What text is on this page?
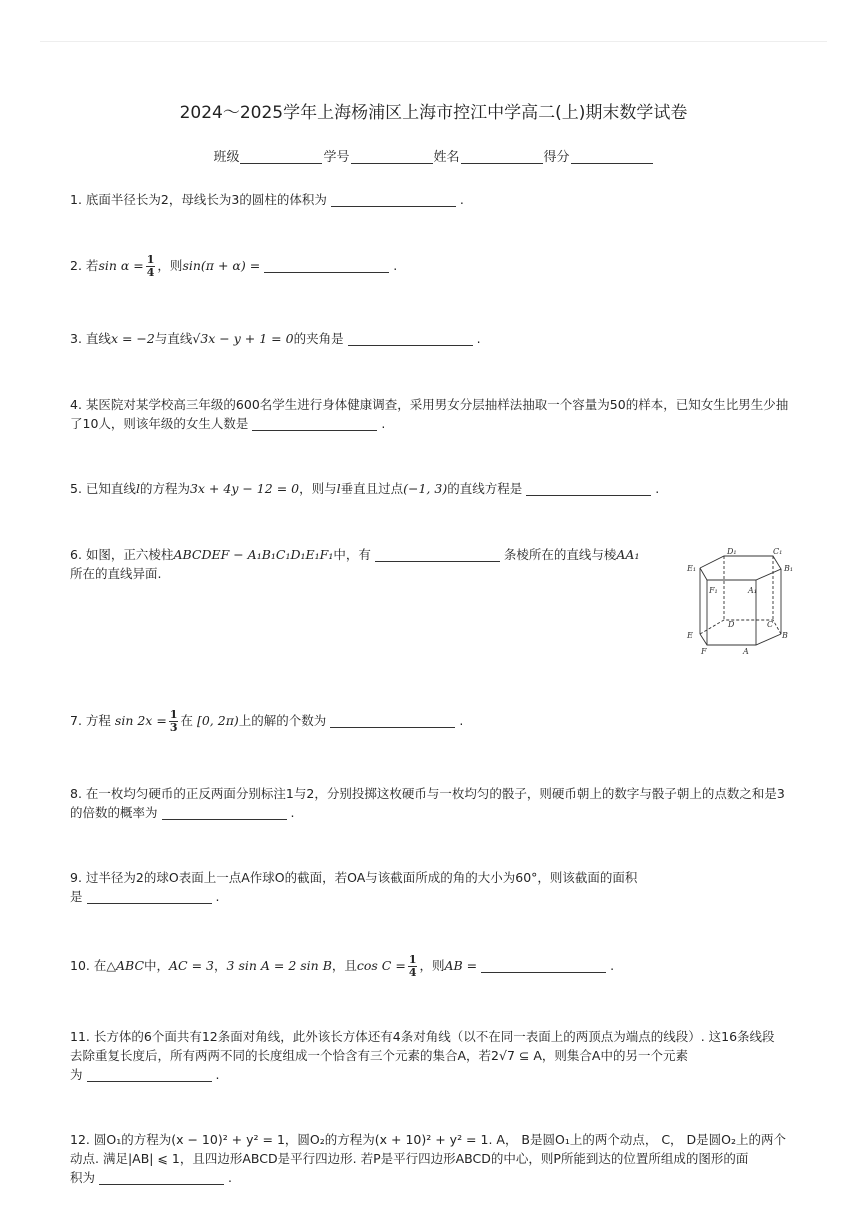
2024～2025学年上海杨浦区上海市控江中学高二(上)期末数学试卷
班级	学号	姓名	得分
1. 底面半径长为2，母线长为3的圆柱的体积为	.
2. 若$\sin \alpha = \frac{1}{4}$ ，则sin(π + α) =	.
3. 直线x = −2与直线√3x − y + 1 = 0的夹角是	.
4. 某医院对某学校高三年级的600名学生进行身体健康调查，采用男女分层抽样法抽取一个容量为50的样本，已知女生比男生少抽
了10人，则该年级的女生人数是	.
5. 已知直线l的方程为3x + 4y − 12 = 0，则与l垂直且过点(−1, 3)的直线方程是	.
6. 如图，正六棱柱ABCDEF − A₁B₁C₁D₁E₁F₁中，有	条棱所在的直线与棱AA₁
所在的直线异面.
D₁	C₁
E₁	B₁
F₁	A₁
D	C
E	B
F	A
7. 方程 $\sin 2x = \frac{1}{3}$ 在 [0, 2π)上的解的个数为	.
8. 在一枚均匀硬币的正反两面分别标注1与2，分别投掷这枚硬币与一枚均匀的骰子，则硬币朝上的数字与骰子朝上的点数之和是3
的倍数的概率为	.
9. 过半径为2的球O表面上一点A作球O的截面，若OA与该截面所成的角的大小为60°，则该截面的面积
是	.
10. 在△ABC中，AC = 3，3 sin A = 2 sin B，且$\cos C = \frac{1}{4}$ ，则AB =	.
11. 长方体的6个面共有12条面对角线，此外该长方体还有4条对角线（以不在同一表面上的两顶点为端点的线段）. 这16条线段
去除重复长度后，所有两两不同的长度组成一个恰含有三个元素的集合A，若2√7 ⊆ A，则集合A中的另一个元素
为	.
12. 圆O₁的方程为(x − 10)² + y² = 1，圆O₂的方程为(x + 10)² + y² = 1. A， B是圆O₁上的两个动点， C， D是圆O₂上的两个
动点. 满足|AB| ⩽ 1，且四边形ABCD是平行四边形. 若P是平行四边形ABCD的中心，则P所能到达的位置所组成的图形的面
积为	.
